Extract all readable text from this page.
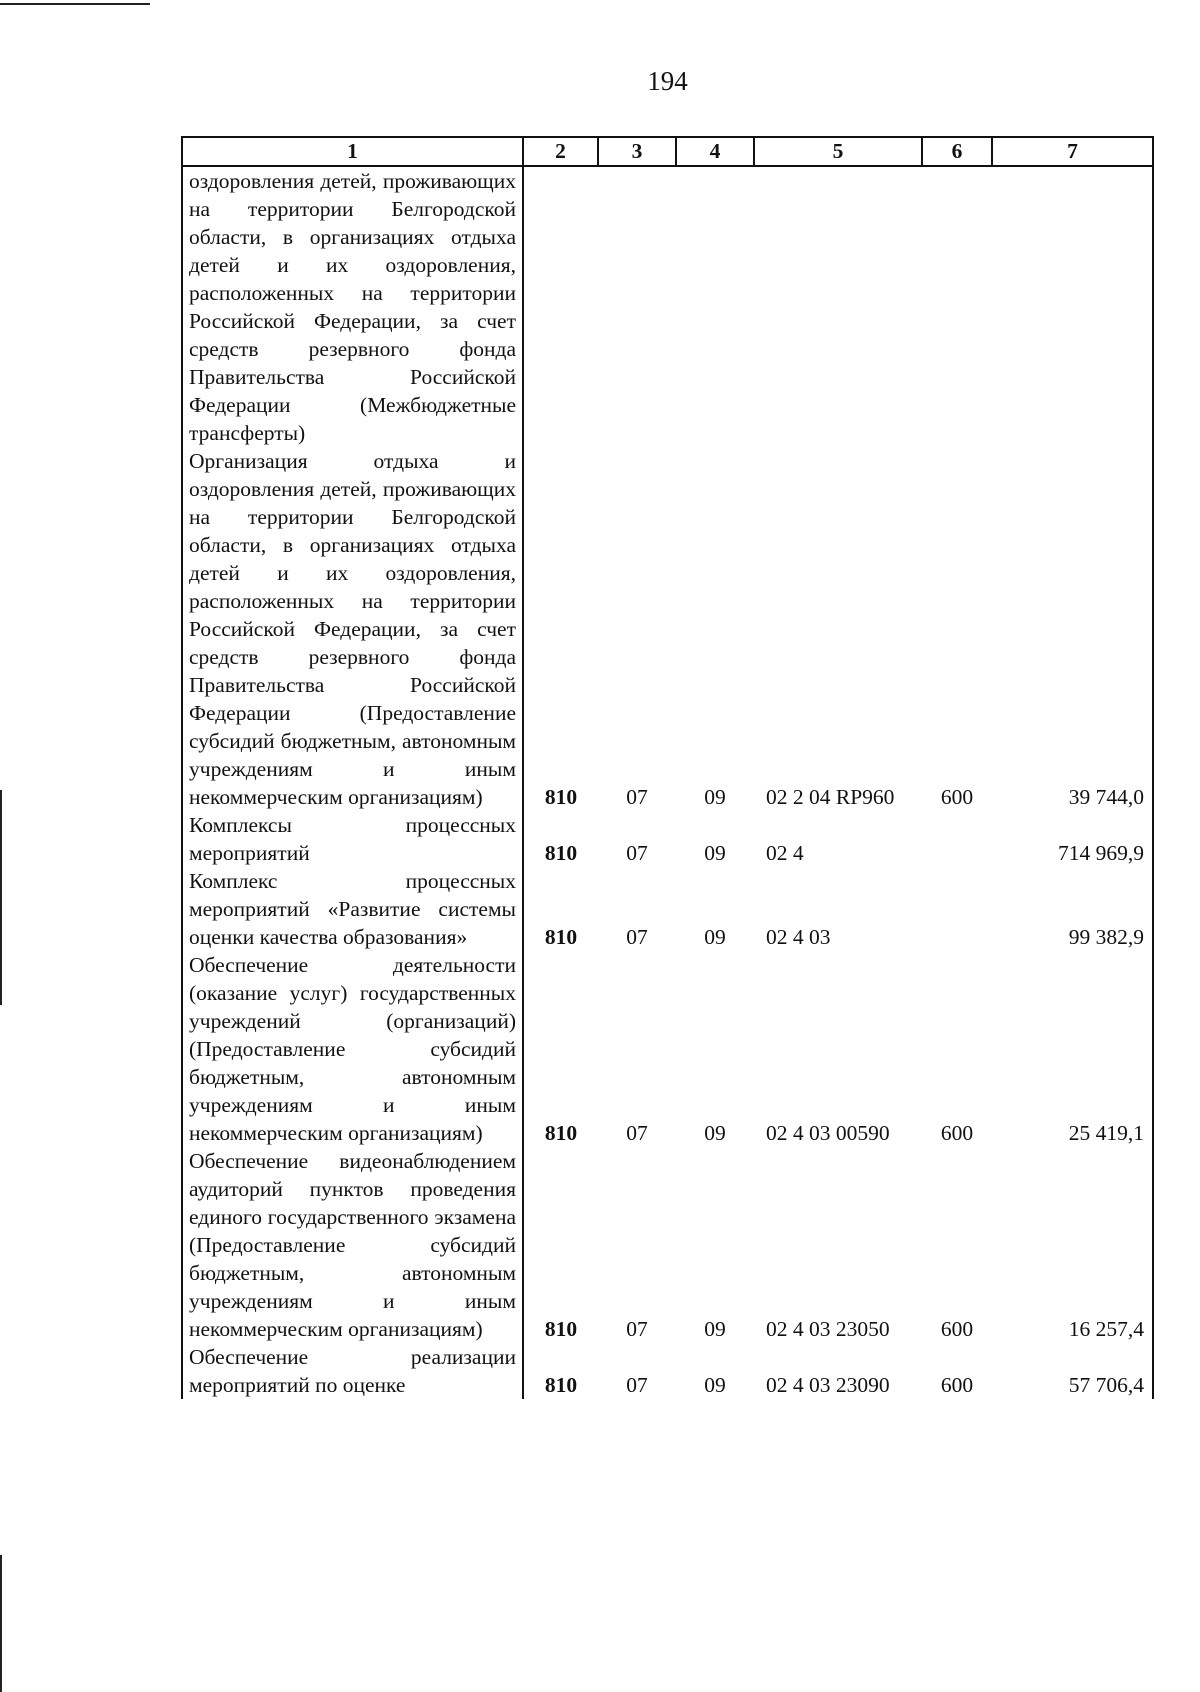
194
1	2	3	4	5	6	7
оздоровления детей, проживающих на территории Белгородской области, в организациях отдыха детей и их оздоровления, расположенных на территории Российской Федерации, за счет средств резервного фонда Правительства Российской Федерации (Межбюджетные трансферты)						
Организация отдыха и оздоровления детей, проживающих на территории Белгородской области, в организациях отдыха детей и их оздоровления, расположенных на территории Российской Федерации, за счет средств резервного фонда Правительства Российской Федерации (Предоставление субсидий бюджетным, автономным учреждениям и иным некоммерческим организациям)	810	07	09	02 2 04 RP960	600	39 744,0
Комплексы процессных мероприятий	810	07	09	02 4		714 969,9
Комплекс процессных мероприятий «Развитие системы оценки качества образования»	810	07	09	02 4 03		99 382,9
Обеспечение деятельности (оказание услуг) государственных учреждений (организаций) (Предоставление субсидий бюджетным, автономным учреждениям и иным некоммерческим организациям)	810	07	09	02 4 03 00590	600	25 419,1
Обеспечение видеонаблюдением аудиторий пунктов проведения единого государственного экзамена (Предоставление субсидий бюджетным, автономным учреждениям и иным некоммерческим организациям)	810	07	09	02 4 03 23050	600	16 257,4
Обеспечение реализации мероприятий по оценке	810	07	09	02 4 03 23090	600	57 706,4
